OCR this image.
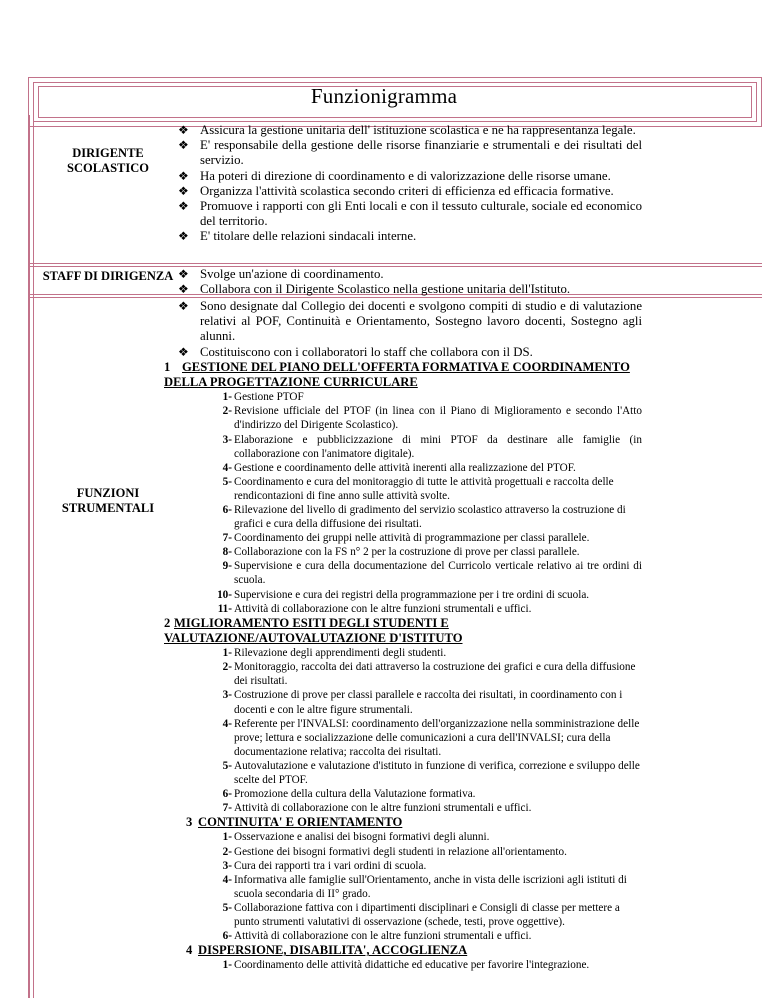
Funzionigramma
DIRIGENTE SCOLASTICO
STAFF DI DIRIGENZA
FUNZIONI STRUMENTALI
❖ Assicura la gestione unitaria dell' istituzione scolastica e ne ha rappresentanza legale.
❖ E' responsabile della gestione delle risorse finanziarie e strumentali e dei risultati del servizio.
❖ Ha poteri di direzione di coordinamento e di valorizzazione delle risorse umane.
❖ Organizza l'attività scolastica secondo criteri di efficienza ed efficacia formative.
❖ Promuove i rapporti con gli Enti locali e con il tessuto culturale, sociale ed economico del territorio.
❖ E' titolare delle relazioni sindacali interne.
❖ Svolge un'azione di coordinamento.
❖ Collabora con il Dirigente Scolastico nella gestione unitaria dell'Istituto.
❖ Sono designate dal Collegio dei docenti e svolgono compiti di studio e di valutazione relativi al POF, Continuità e Orientamento, Sostegno lavoro docenti, Sostegno agli alunni.
❖ Costituiscono con i collaboratori lo staff che collabora con il DS.
1 GESTIONE DEL PIANO DELL'OFFERTA FORMATIVA E COORDINAMENTO DELLA PROGETTAZIONE CURRICULARE
1- Gestione PTOF
2- Revisione ufficiale del PTOF (in linea con il Piano di Miglioramento e secondo l'Atto d'indirizzo del Dirigente Scolastico).
3- Elaborazione e pubblicizzazione di mini PTOF da destinare alle famiglie (in collaborazione con l'animatore digitale).
4- Gestione e coordinamento delle attività inerenti alla realizzazione del PTOF.
5- Coordinamento e cura del monitoraggio di tutte le attività progettuali e raccolta delle rendicontazioni di fine anno sulle attività svolte.
6- Rilevazione del livello di gradimento del servizio scolastico attraverso la costruzione di grafici e cura della diffusione dei risultati.
7- Coordinamento dei gruppi nelle attività di programmazione per classi parallele.
8- Collaborazione con la FS n° 2 per la costruzione di prove per classi parallele.
9- Supervisione e cura della documentazione del Curricolo verticale relativo ai tre ordini di scuola.
10- Supervisione e cura dei registri della programmazione per i tre ordini di scuola.
11- Attività di collaborazione con le altre funzioni strumentali e uffici.
2 MIGLIORAMENTO ESITI DEGLI STUDENTI E VALUTAZIONE/AUTOVALUTAZIONE D'ISTITUTO
1- Rilevazione degli apprendimenti degli studenti.
2- Monitoraggio, raccolta dei dati attraverso la costruzione dei grafici e cura della diffusione dei risultati.
3- Costruzione di prove per classi parallele e raccolta dei risultati, in coordinamento con i docenti e con le altre figure strumentali.
4- Referente per l'INVALSI: coordinamento dell'organizzazione nella somministrazione delle prove; lettura e socializzazione delle comunicazioni a cura dell'INVALSI; cura della documentazione relativa; raccolta dei risultati.
5- Autovalutazione e valutazione d'istituto in funzione di verifica, correzione e sviluppo delle scelte del PTOF.
6- Promozione della cultura della Valutazione formativa.
7- Attività di collaborazione con le altre funzioni strumentali e uffici.
3 CONTINUITA' E ORIENTAMENTO
1- Osservazione e analisi dei bisogni formativi degli alunni.
2- Gestione dei bisogni formativi degli studenti in relazione all'orientamento.
3- Cura dei rapporti tra i vari ordini di scuola.
4- Informativa alle famiglie sull'Orientamento, anche in vista delle iscrizioni agli istituti di scuola secondaria di II° grado.
5- Collaborazione fattiva con i dipartimenti disciplinari e Consigli di classe per mettere a punto strumenti valutativi di osservazione (schede, testi, prove oggettive).
6- Attività di collaborazione con le altre funzioni strumentali e uffici.
4 DISPERSIONE, DISABILITA', ACCOGLIENZA
1- Coordinamento delle attività didattiche ed educative per favorire l'integrazione.
